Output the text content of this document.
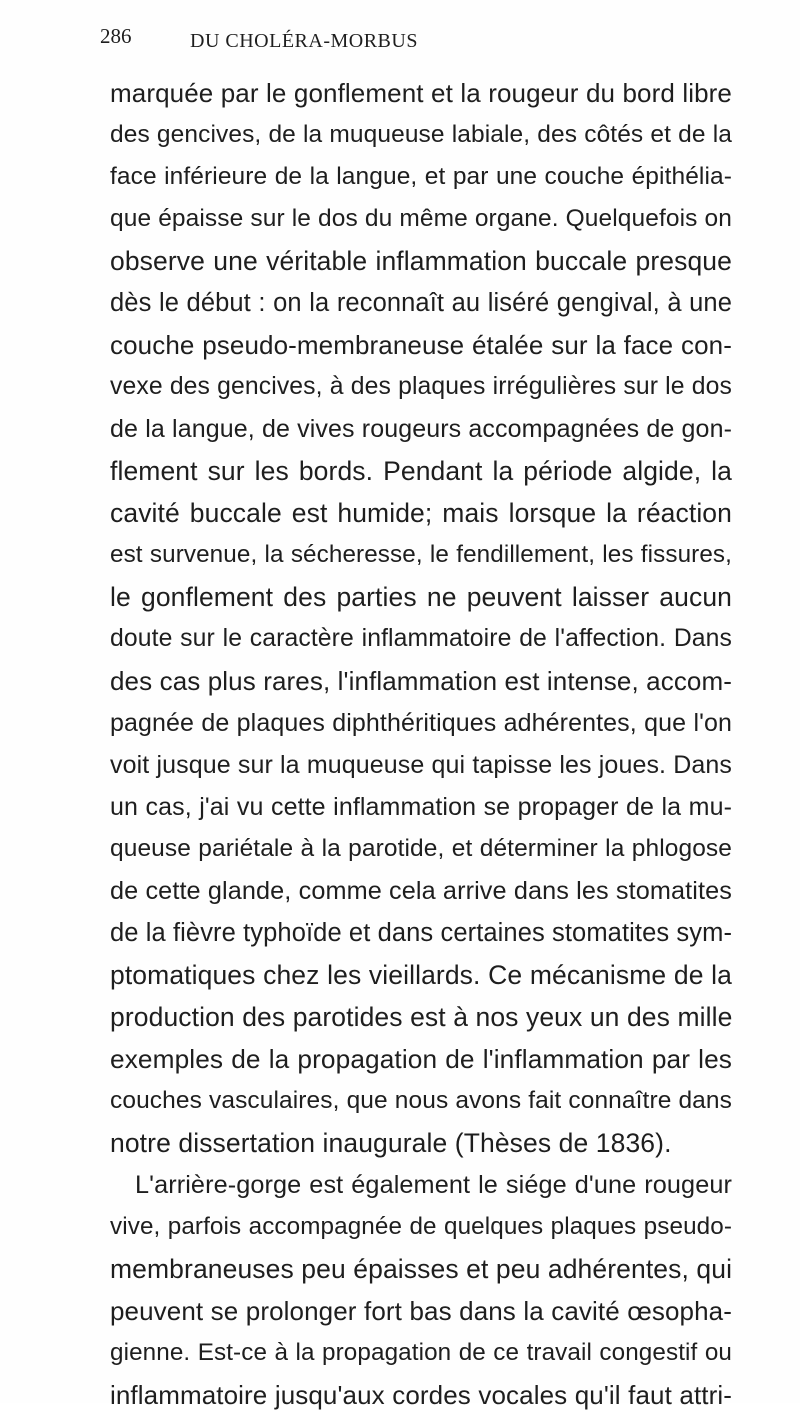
286	DU CHOLÉRA-MORBUS
marquée par le gonflement et la rougeur du bord libre
des gencives, de la muqueuse labiale, des côtés et de la
face inférieure de la langue, et par une couche épithélia-
que épaisse sur le dos du même organe. Quelquefois on
observe une véritable inflammation buccale presque
dès le début : on la reconnaît au liséré gengival, à une
couche pseudo-membraneuse étalée sur la face con-
vexe des gencives, à des plaques irrégulières sur le dos
de la langue, de vives rougeurs accompagnées de gon-
flement sur les bords. Pendant la période algide, la
cavité buccale est humide; mais lorsque la réaction
est survenue, la sécheresse, le fendillement, les fissures,
le gonflement des parties ne peuvent laisser aucun
doute sur le caractère inflammatoire de l'affection. Dans
des cas plus rares, l'inflammation est intense, accom-
pagnée de plaques diphthéritiques adhérentes, que l'on
voit jusque sur la muqueuse qui tapisse les joues. Dans
un cas, j'ai vu cette inflammation se propager de la mu-
queuse pariétale à la parotide, et déterminer la phlogose
de cette glande, comme cela arrive dans les stomatites
de la fièvre typhoïde et dans certaines stomatites sym-
ptomatiques chez les vieillards. Ce mécanisme de la
production des parotides est à nos yeux un des mille
exemples de la propagation de l'inflammation par les
couches vasculaires, que nous avons fait connaître dans
notre dissertation inaugurale (Thèses de 1836).
L'arrière-gorge est également le siége d'une rougeur
vive, parfois accompagnée de quelques plaques pseudo-
membraneuses peu épaisses et peu adhérentes, qui
peuvent se prolonger fort bas dans la cavité œsopha-
gienne. Est-ce à la propagation de ce travail congestif ou
inflammatoire jusqu'aux cordes vocales qu'il faut attri-
